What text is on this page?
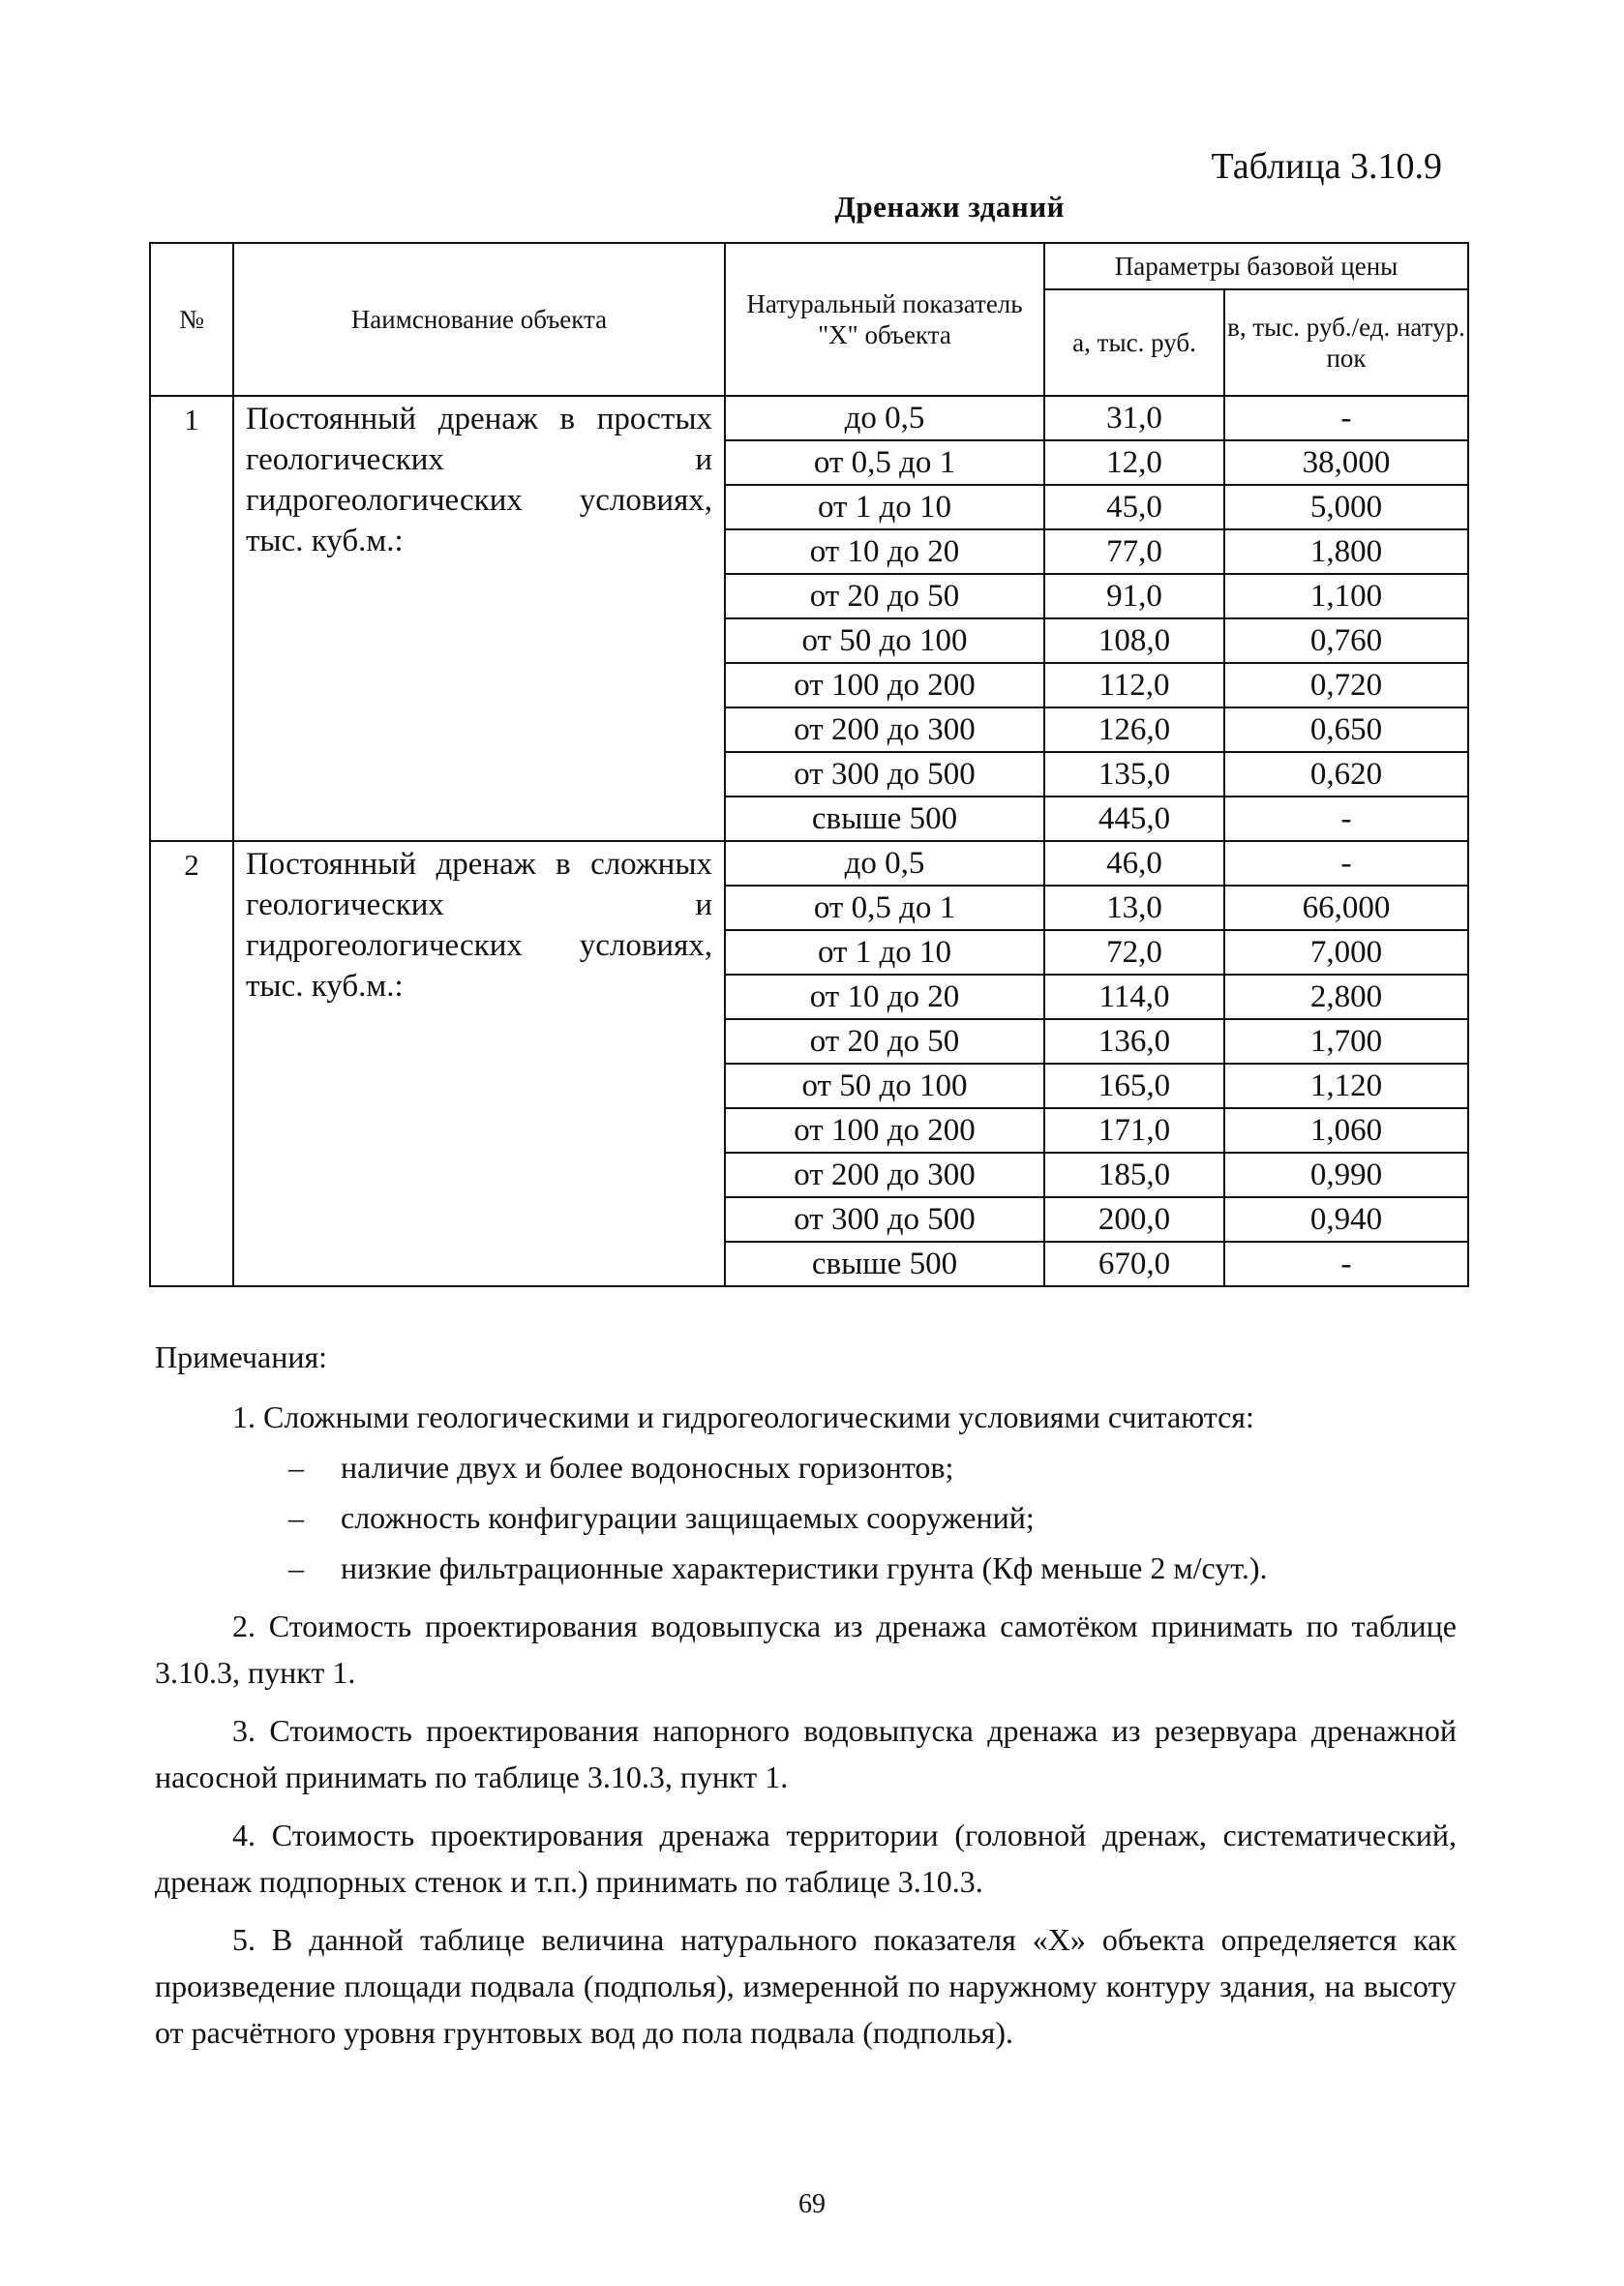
Таблица 3.10.9
Дренажи зданий
№	Наимснование объекта	Натуральный показатель "Х" объекта	Параметры базовой цены	
			а, тыс. руб.	в, тыс. руб./ед. натур. пок
1	Постоянный дренаж в простых геологических и гидрогеологических условиях, тыс. куб.м.:	до 0,5	31,0	-
		от 0,5 до 1	12,0	38,000
		от 1 до 10	45,0	5,000
		от 10 до 20	77,0	1,800
		от 20 до 50	91,0	1,100
		от 50 до 100	108,0	0,760
		от 100 до 200	112,0	0,720
		от 200 до 300	126,0	0,650
		от 300 до 500	135,0	0,620
		свыше 500	445,0	-
2	Постоянный дренаж в сложных геологических и гидрогеологических условиях, тыс. куб.м.:	до 0,5	46,0	-
		от 0,5 до 1	13,0	66,000
		от 1 до 10	72,0	7,000
		от 10 до 20	114,0	2,800
		от 20 до 50	136,0	1,700
		от 50 до 100	165,0	1,120
		от 100 до 200	171,0	1,060
		от 200 до 300	185,0	0,990
		от 300 до 500	200,0	0,940
		свыше 500	670,0	-
Примечания:
1. Сложными геологическими и гидрогеологическими условиями считаются:
– наличие двух и более водоносных горизонтов;
– сложность конфигурации защищаемых сооружений;
– низкие фильтрационные характеристики грунта (Кф меньше 2 м/сут.).
2. Стоимость проектирования водовыпуска из дренажа самотёком принимать по таблице 3.10.3, пункт 1.
3. Стоимость проектирования напорного водовыпуска дренажа из резервуара дренажной насосной принимать по таблице 3.10.3, пункт 1.
4. Стоимость проектирования дренажа территории (головной дренаж, систематический, дренаж подпорных стенок и т.п.) принимать по таблице 3.10.3.
5. В данной таблице величина натурального показателя «Х» объекта определяется как произведение площади подвала (подполья), измеренной по наружному контуру здания, на высоту от расчётного уровня грунтовых вод до пола подвала (подполья).
69
